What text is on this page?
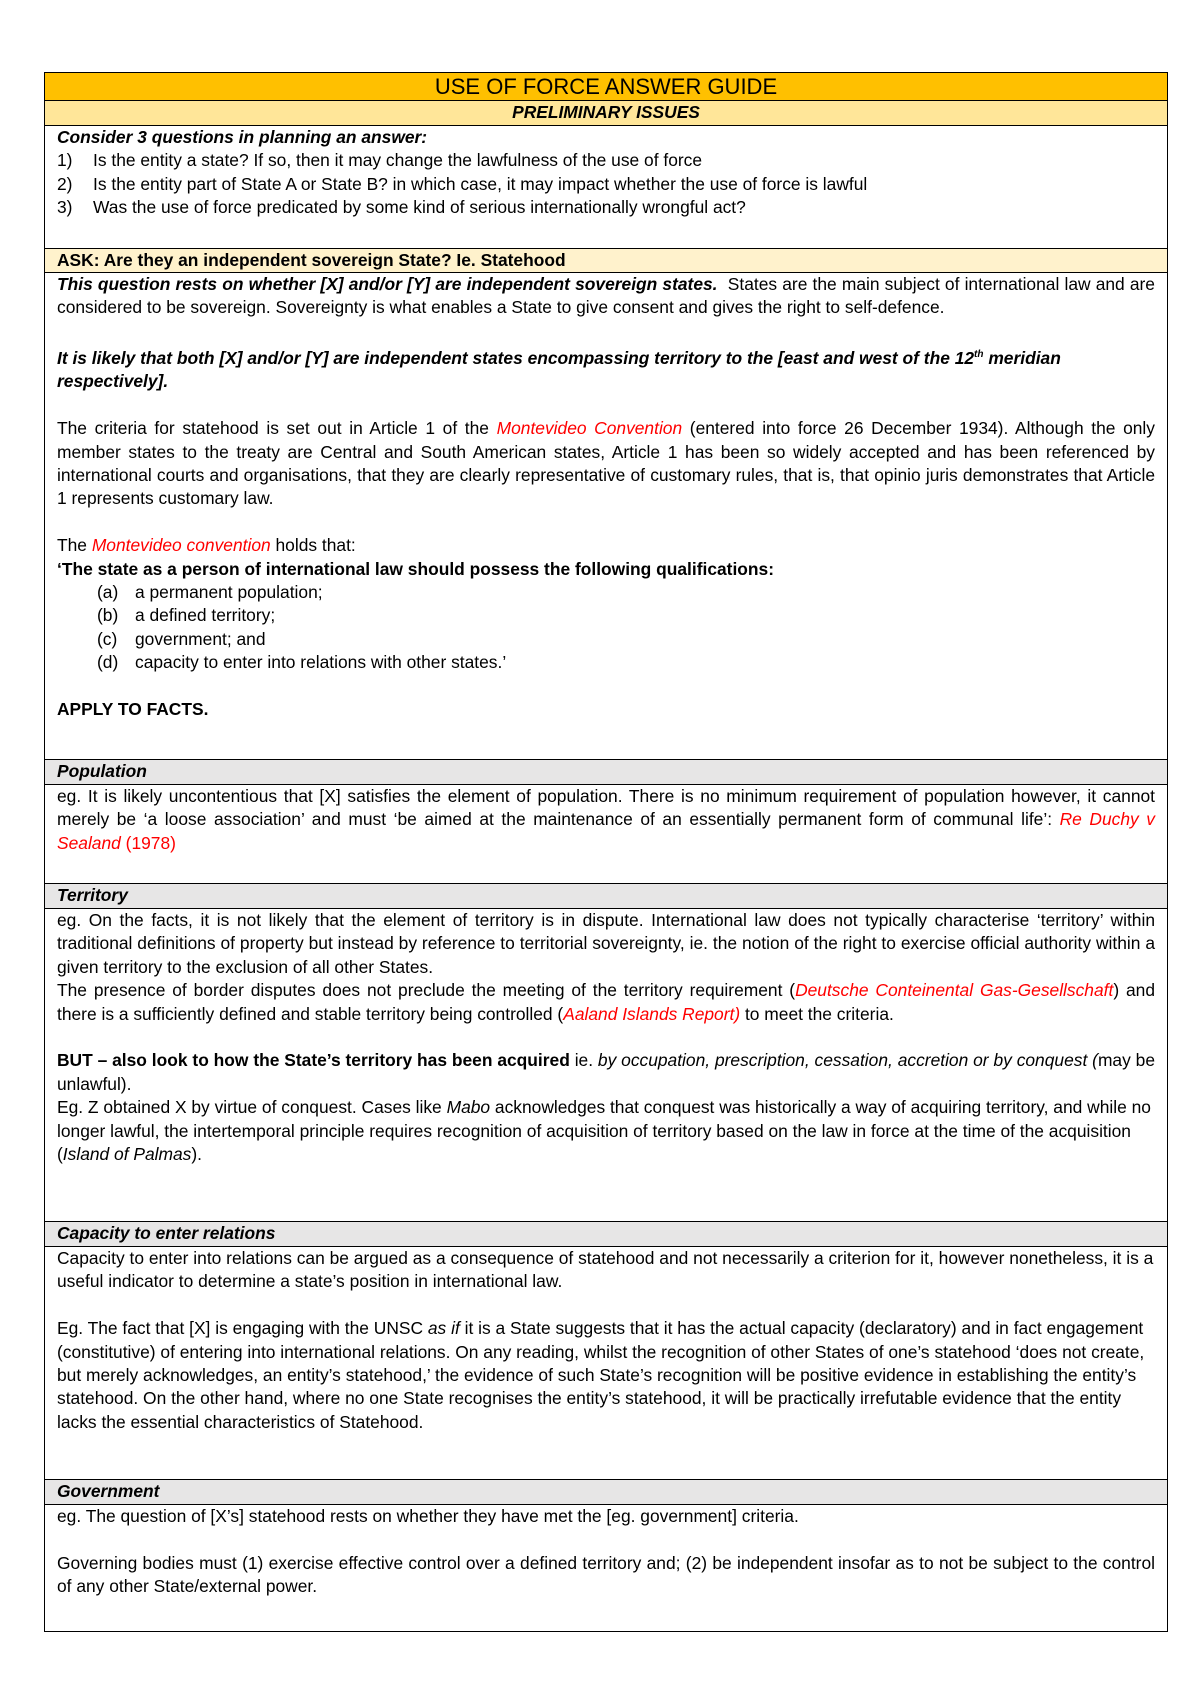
USE OF FORCE ANSWER GUIDE
PRELIMINARY ISSUES

Consider 3 questions in planning an answer:

1) Is the entity a state? If so, then it may change the lawfulness of the use of force

2) Is the entity part of State A or State B? in which case, it may impact whether the use of force is lawful

3) Was the use of force predicated by some kind of serious internationally wrongful act?

ASK: Are they an independent sovereign State? Ie. Statehood

This question rests on whether [X] and/or [Y] are independent sovereign states.  States are the main subject of international law and are considered to be sovereign. Sovereignty is what enables a State to give consent and gives the right to self-defence.

It is likely that both [X] and/or [Y] are independent states encompassing territory to the [east and west of the 12th meridian respectively].

The criteria for statehood is set out in Article 1 of the Montevideo Convention (entered into force 26 December 1934). Although the only member states to the treaty are Central and South American states, Article 1 has been so widely accepted and has been referenced by international courts and organisations, that they are clearly representative of customary rules, that is, that opinio juris demonstrates that Article 1 represents customary law.

The Montevideo convention holds that:

‘The state as a person of international law should possess the following qualifications:

(a) a permanent population;
(b) a defined territory;
(c) government; and
(d) capacity to enter into relations with other states.’

APPLY TO FACTS.

Population

eg. It is likely uncontentious that [X] satisfies the element of population. There is no minimum requirement of population however, it cannot merely be ‘a loose association’ and must ‘be aimed at the maintenance of an essentially permanent form of communal life’: Re Duchy v Sealand (1978)

Territory

eg. On the facts, it is not likely that the element of territory is in dispute. International law does not typically characterise ‘territory’ within traditional definitions of property but instead by reference to territorial sovereignty, ie. the notion of the right to exercise official authority within a given territory to the exclusion of all other States.

The presence of border disputes does not preclude the meeting of the territory requirement (Deutsche Conteinental Gas-Gesellschaft) and there is a sufficiently defined and stable territory being controlled (Aaland Islands Report) to meet the criteria.

BUT – also look to how the State’s territory has been acquired ie. by occupation, prescription, cessation, accretion or by conquest (may be unlawful).

Eg. Z obtained X by virtue of conquest. Cases like Mabo acknowledges that conquest was historically a way of acquiring territory, and while no longer lawful, the intertemporal principle requires recognition of acquisition of territory based on the law in force at the time of the acquisition (Island of Palmas).

Capacity to enter relations

Capacity to enter into relations can be argued as a consequence of statehood and not necessarily a criterion for it, however nonetheless, it is a useful indicator to determine a state’s position in international law.

Eg. The fact that [X] is engaging with the UNSC as if it is a State suggests that it has the actual capacity (declaratory) and in fact engagement (constitutive) of entering into international relations. On any reading, whilst the recognition of other States of one’s statehood ‘does not create, but merely acknowledges, an entity’s statehood,’ the evidence of such State’s recognition will be positive evidence in establishing the entity’s statehood. On the other hand, where no one State recognises the entity’s statehood, it will be practically irrefutable evidence that the entity lacks the essential characteristics of Statehood.

Government

eg. The question of [X’s] statehood rests on whether they have met the [eg. government] criteria.

Governing bodies must (1) exercise effective control over a defined territory and; (2) be independent insofar as to not be subject to the control of any other State/external power.
